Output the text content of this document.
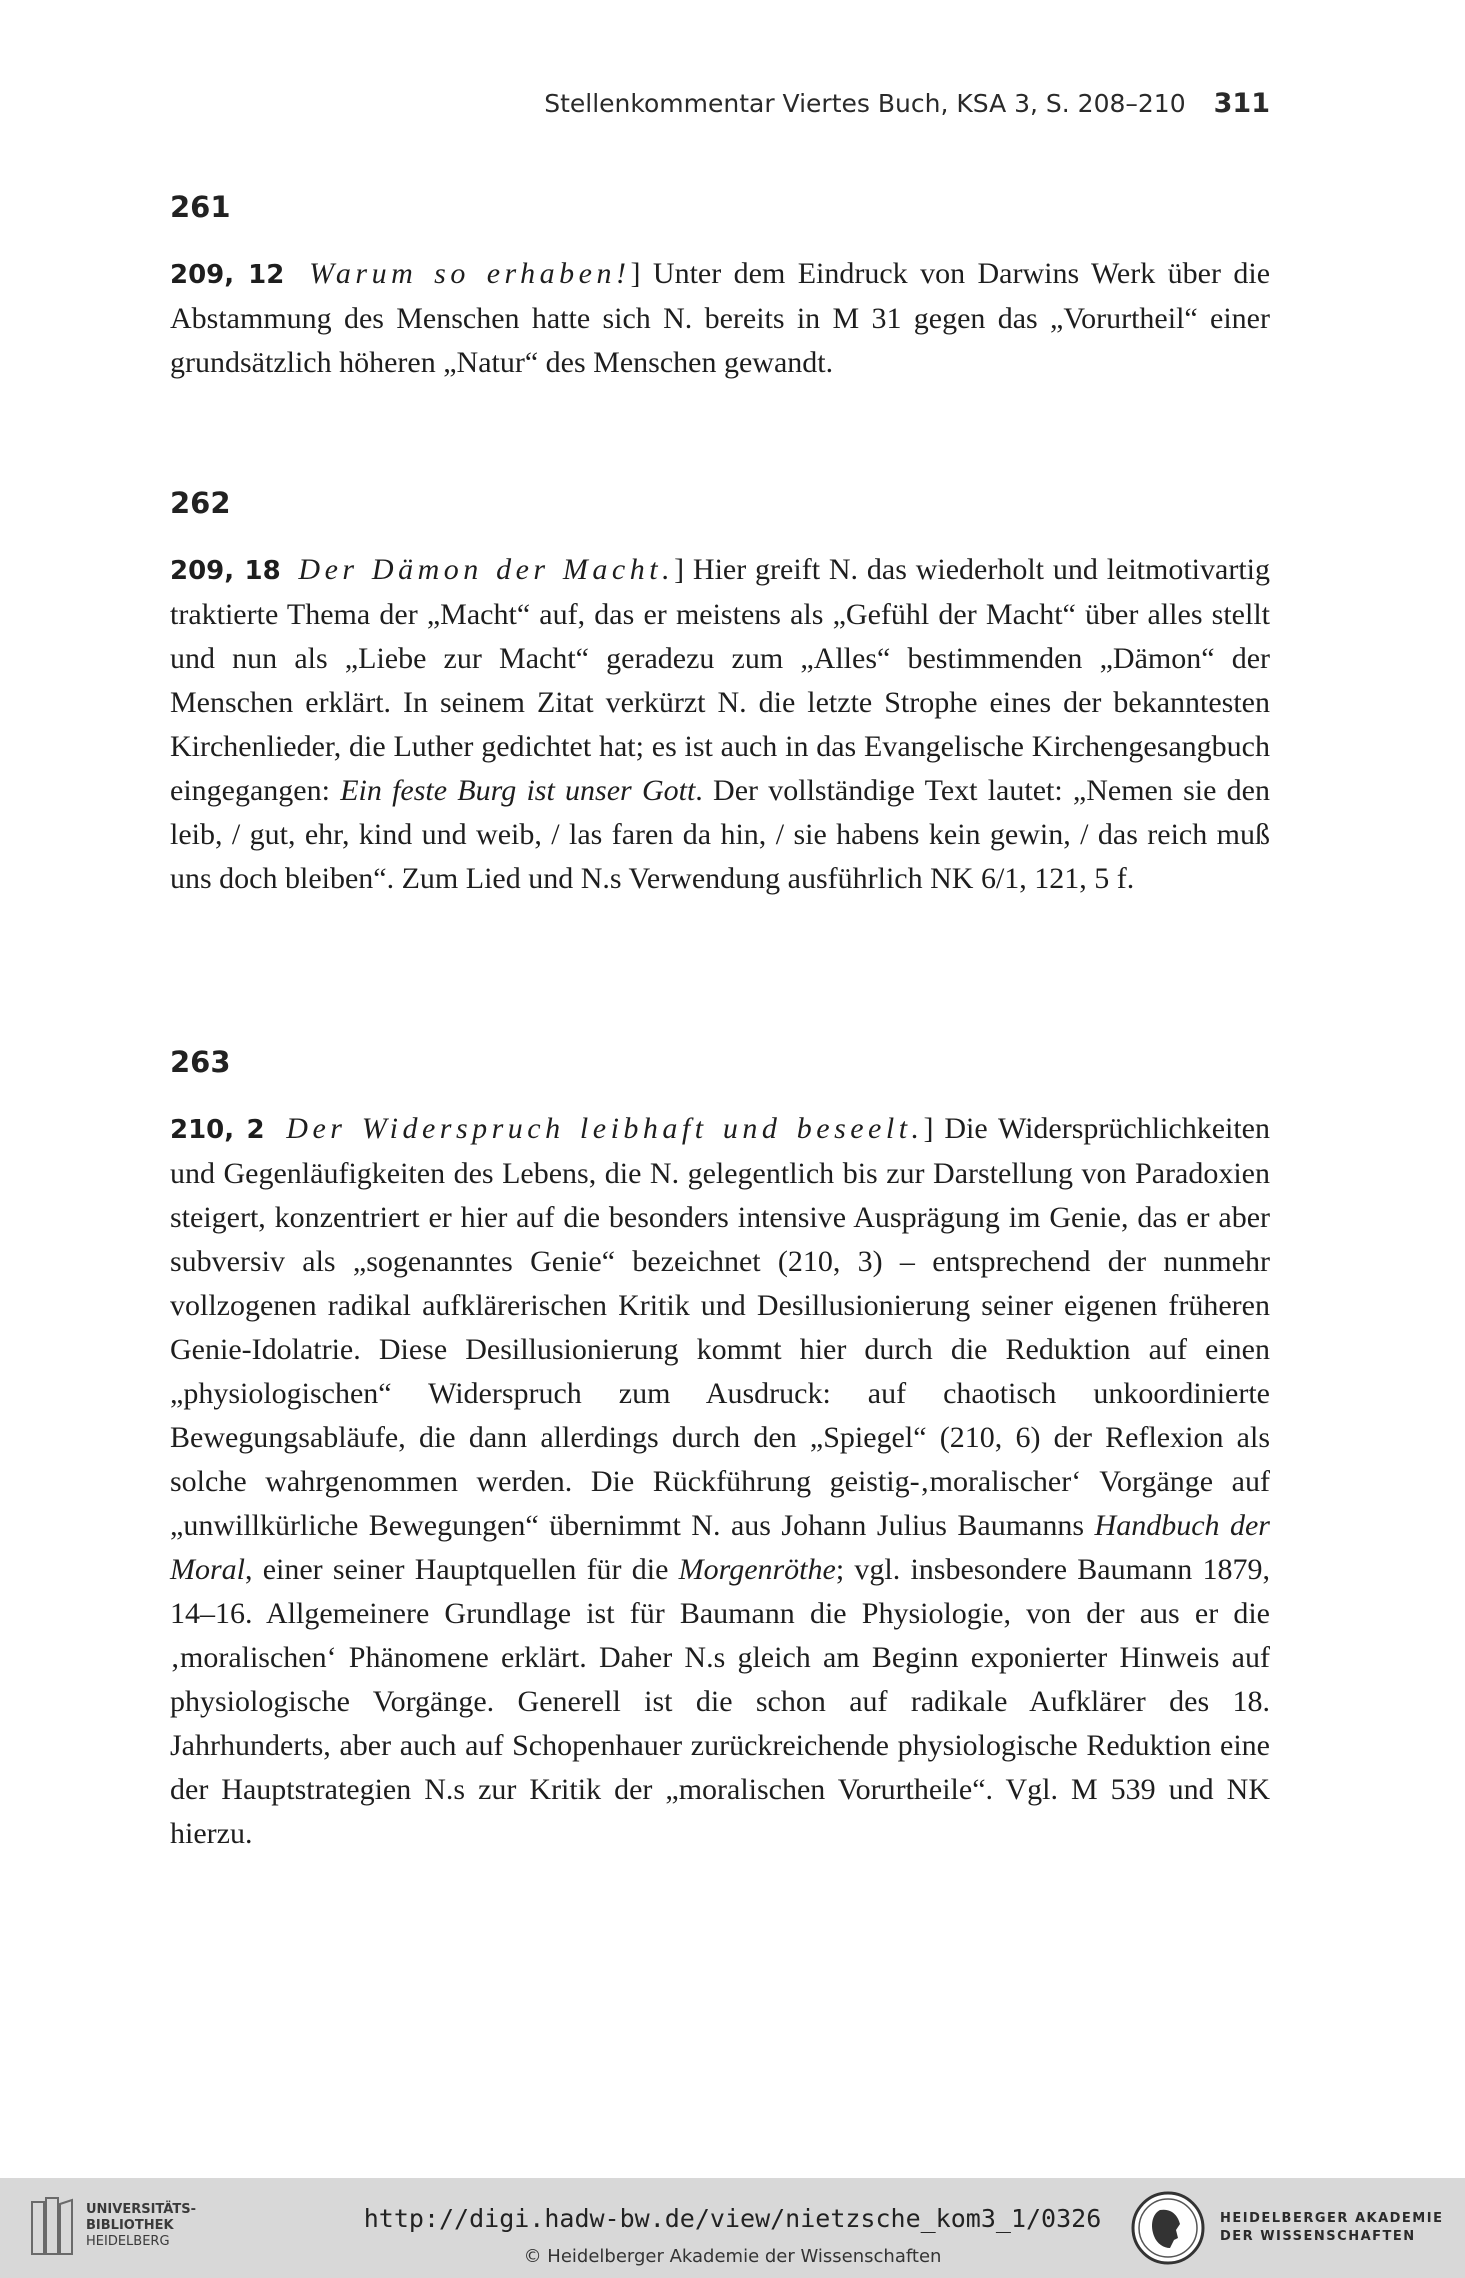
Stellenkommentar Viertes Buch, KSA 3, S. 208–210 311
261

209, 12 Warum so erhaben!] Unter dem Eindruck von Darwins Werk über die Abstammung des Menschen hatte sich N. bereits in M 31 gegen das „Vorurtheil“ einer grundsätzlich höheren „Natur“ des Menschen gewandt.

262

209, 18 Der Dämon der Macht.] Hier greift N. das wiederholt und leitmotivartig traktierte Thema der „Macht“ auf, das er meistens als „Gefühl der Macht“ über alles stellt und nun als „Liebe zur Macht“ geradezu zum „Alles“ bestimmenden „Dämon“ der Menschen erklärt. In seinem Zitat verkürzt N. die letzte Strophe eines der bekanntesten Kirchenlieder, die Luther gedichtet hat; es ist auch in das Evangelische Kirchengesangbuch eingegangen: Ein feste Burg ist unser Gott. Der vollständige Text lautet: „Nemen sie den leib, / gut, ehr, kind und weib, / las faren da hin, / sie habens kein gewin, / das reich muß uns doch bleiben“. Zum Lied und N.s Verwendung ausführlich NK 6/1, 121, 5 f.

263

210, 2 Der Widerspruch leibhaft und beseelt.] Die Widersprüchlichkeiten und Gegenläufigkeiten des Lebens, die N. gelegentlich bis zur Darstellung von Paradoxien steigert, konzentriert er hier auf die besonders intensive Ausprägung im Genie, das er aber subversiv als „sogenanntes Genie“ bezeichnet (210, 3) – entsprechend der nunmehr vollzogenen radikal aufklärerischen Kritik und Desillusionierung seiner eigenen früheren Genie-Idolatrie. Diese Desillusionierung kommt hier durch die Reduktion auf einen „physiologischen“ Widerspruch zum Ausdruck: auf chaotisch unkoordinierte Bewegungsabläufe, die dann allerdings durch den „Spiegel“ (210, 6) der Reflexion als solche wahrgenommen werden. Die Rückführung geistig-‚moralischer‘ Vorgänge auf „unwillkürliche Bewegungen“ übernimmt N. aus Johann Julius Baumanns Handbuch der Moral, einer seiner Hauptquellen für die Morgenröthe; vgl. insbesondere Baumann 1879, 14–16. Allgemeinere Grundlage ist für Baumann die Physiologie, von der aus er die ‚moralischen‘ Phänomene erklärt. Daher N.s gleich am Beginn exponierter Hinweis auf physiologische Vorgänge. Generell ist die schon auf radikale Aufklärer des 18. Jahrhunderts, aber auch auf Schopenhauer zurückreichende physiologische Reduktion eine der Hauptstrategien N.s zur Kritik der „moralischen Vorurtheile“. Vgl. M 539 und NK hierzu.

UNIVERSITÄTS-
BIBLIOTHEK
HEIDELBERG
http://digi.hadw-bw.de/view/nietzsche_kom3_1/0326
© Heidelberger Akademie der Wissenschaften
HEIDELBERGER AKADEMIE
DER WISSENSCHAFTEN
